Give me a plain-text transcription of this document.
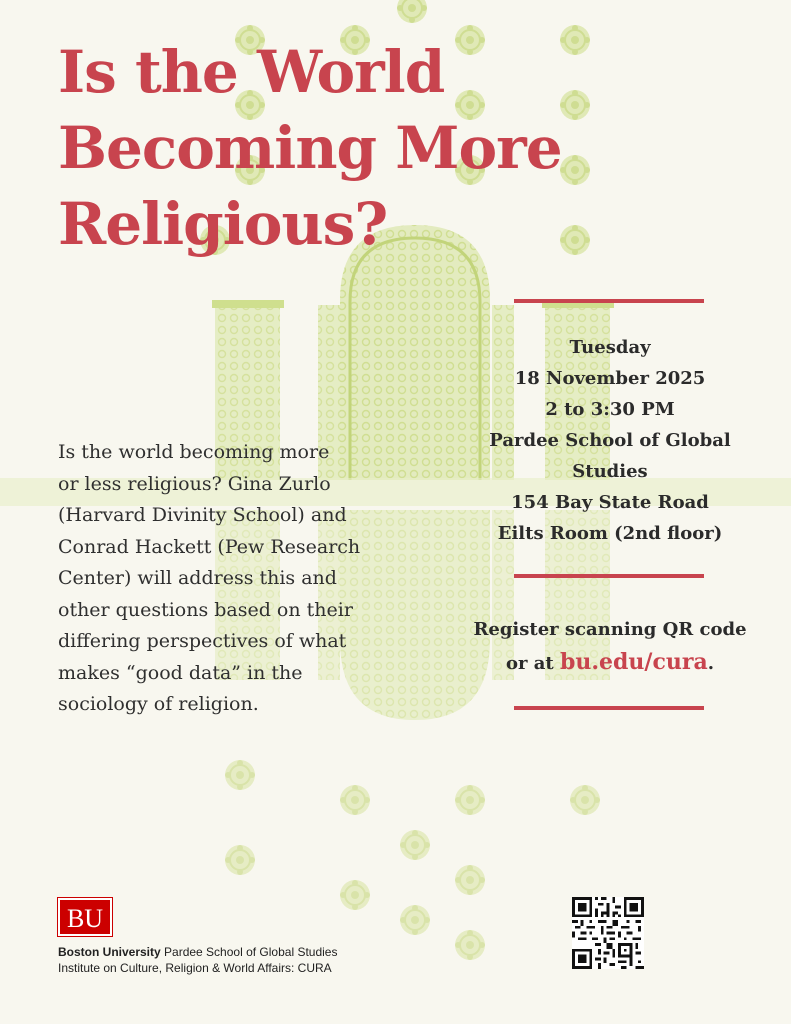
Is the World
Becoming More
Religious?
Tuesday
18 November 2025
2 to 3:30 PM
Pardee School of Global
Studies
154 Bay State Road
Eilts Room (2nd floor)
Register scanning QR code
or at bu.edu/cura.
Is the world becoming more
or less religious? Gina Zurlo
(Harvard Divinity School) and
Conrad Hackett (Pew Research
Center) will address this and
other questions based on their
differing perspectives of what
makes “good data” in the
sociology of religion.
BU
Boston University Pardee School of Global Studies
Institute on Culture, Religion & World Affairs: CURA
